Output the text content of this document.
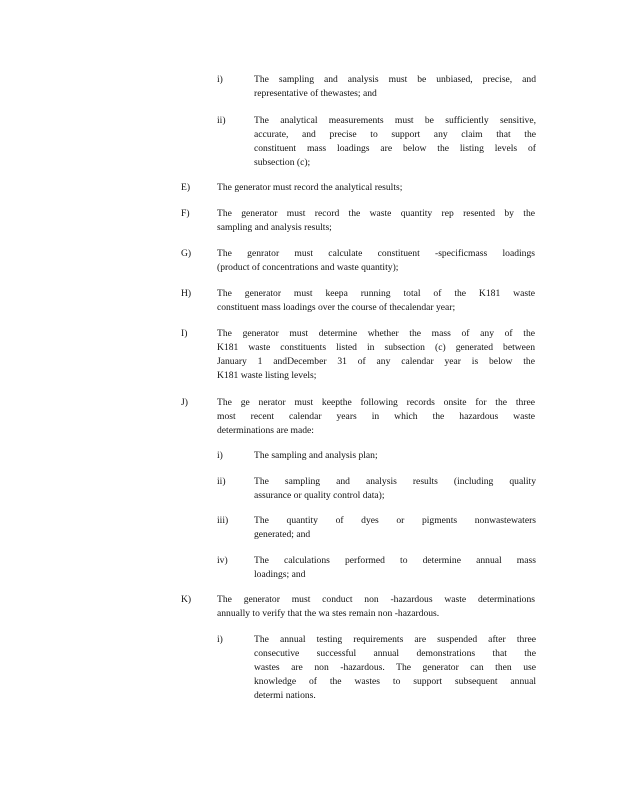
i)	The sampling and analysis must be unbiased, precise, and
representative of thewastes; and
ii)	The analytical measurements must be sufficiently sensitive,
accurate, and precise to support any claim that the
constituent mass loadings are below the listing levels of
subsection (c);
E)	The generator must record the analytical results;
F)	The generator must record the waste quantity rep resented by the
sampling and analysis results;
G)	The genrator must calculate constituent -specificmass loadings
(product of concentrations and waste quantity);
H)	The generator must keepa running total of the K181 waste
constituent mass loadings over the course of thecalendar year;
I)	The generator must determine whether the mass of any of the
K181 waste constituents listed in subsection (c) generated between
January 1 andDecember 31 of any calendar year is below the
K181 waste listing levels;
J)	The ge nerator must keepthe following records onsite for the three
most recent calendar years in which the hazardous waste
determinations are made:
i)	The sampling and analysis plan;
ii)	The sampling and analysis results (including quality
assurance or quality control data);
iii)	The quantity of dyes or pigments nonwastewaters
generated; and
iv)	The calculations performed to determine annual mass
loadings; and
K)	The generator must conduct non -hazardous waste determinations
annually to verify that the wa stes remain non -hazardous.
i)	The annual testing requirements are suspended after three
consecutive successful annual demonstrations that the
wastes are non -hazardous. The generator can then use
knowledge of the wastes to support subsequent annual
determi nations.
